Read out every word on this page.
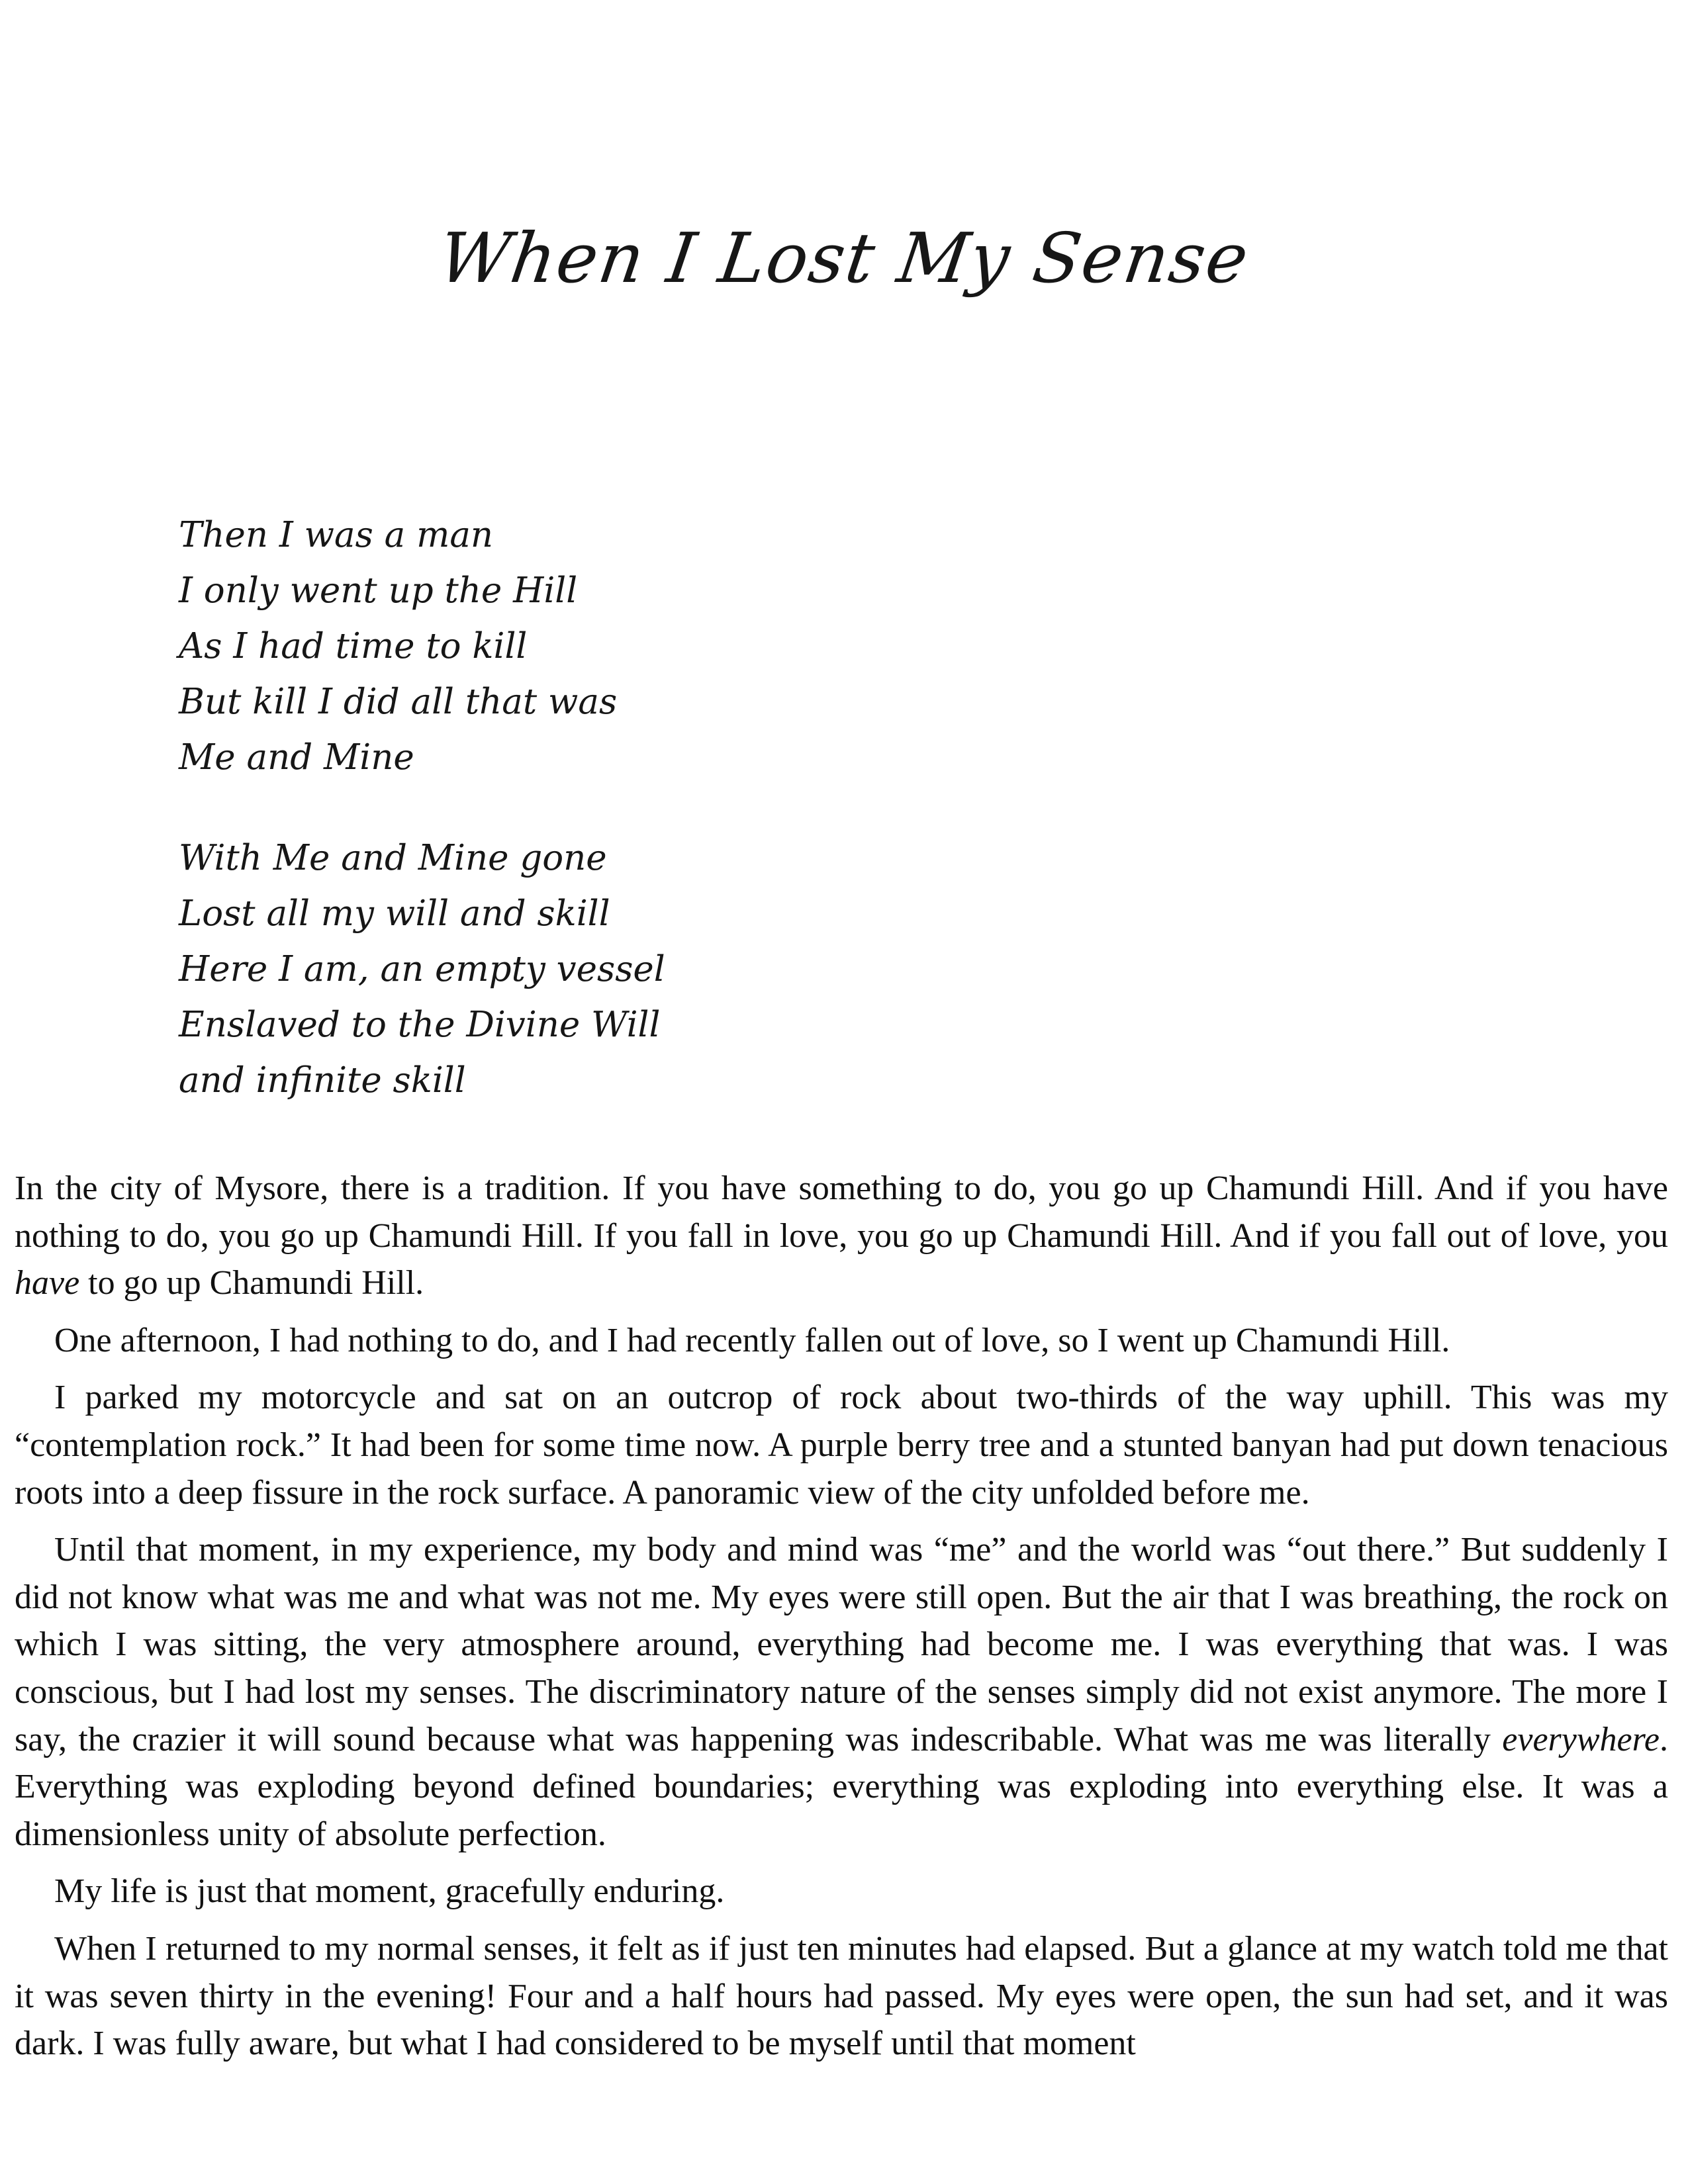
When I Lost My Sense
Then I was a man
I only went up the Hill
As I had time to kill
But kill I did all that was
Me and Mine
With Me and Mine gone
Lost all my will and skill
Here I am, an empty vessel
Enslaved to the Divine Will
and infinite skill

In the city of Mysore, there is a tradition. If you have something to do, you go up Chamundi Hill. And if you have nothing to do, you go up Chamundi Hill. If you fall in love, you go up Chamundi Hill. And if you fall out of love, you have to go up Chamundi Hill.

One afternoon, I had nothing to do, and I had recently fallen out of love, so I went up Chamundi Hill.

I parked my motorcycle and sat on an outcrop of rock about two-thirds of the way uphill. This was my “contemplation rock.” It had been for some time now. A purple berry tree and a stunted banyan had put down tenacious roots into a deep fissure in the rock surface. A panoramic view of the city unfolded before me.

Until that moment, in my experience, my body and mind was “me” and the world was “out there.” But suddenly I did not know what was me and what was not me. My eyes were still open. But the air that I was breathing, the rock on which I was sitting, the very atmosphere around, everything had become me. I was everything that was. I was conscious, but I had lost my senses. The discriminatory nature of the senses simply did not exist anymore. The more I say, the crazier it will sound because what was happening was indescribable. What was me was literally everywhere. Everything was exploding beyond defined boundaries; everything was exploding into everything else. It was a dimensionless unity of absolute perfection.

My life is just that moment, gracefully enduring.

When I returned to my normal senses, it felt as if just ten minutes had elapsed. But a glance at my watch told me that it was seven thirty in the evening! Four and a half hours had passed. My eyes were open, the sun had set, and it was dark. I was fully aware, but what I had considered to be myself until that moment
